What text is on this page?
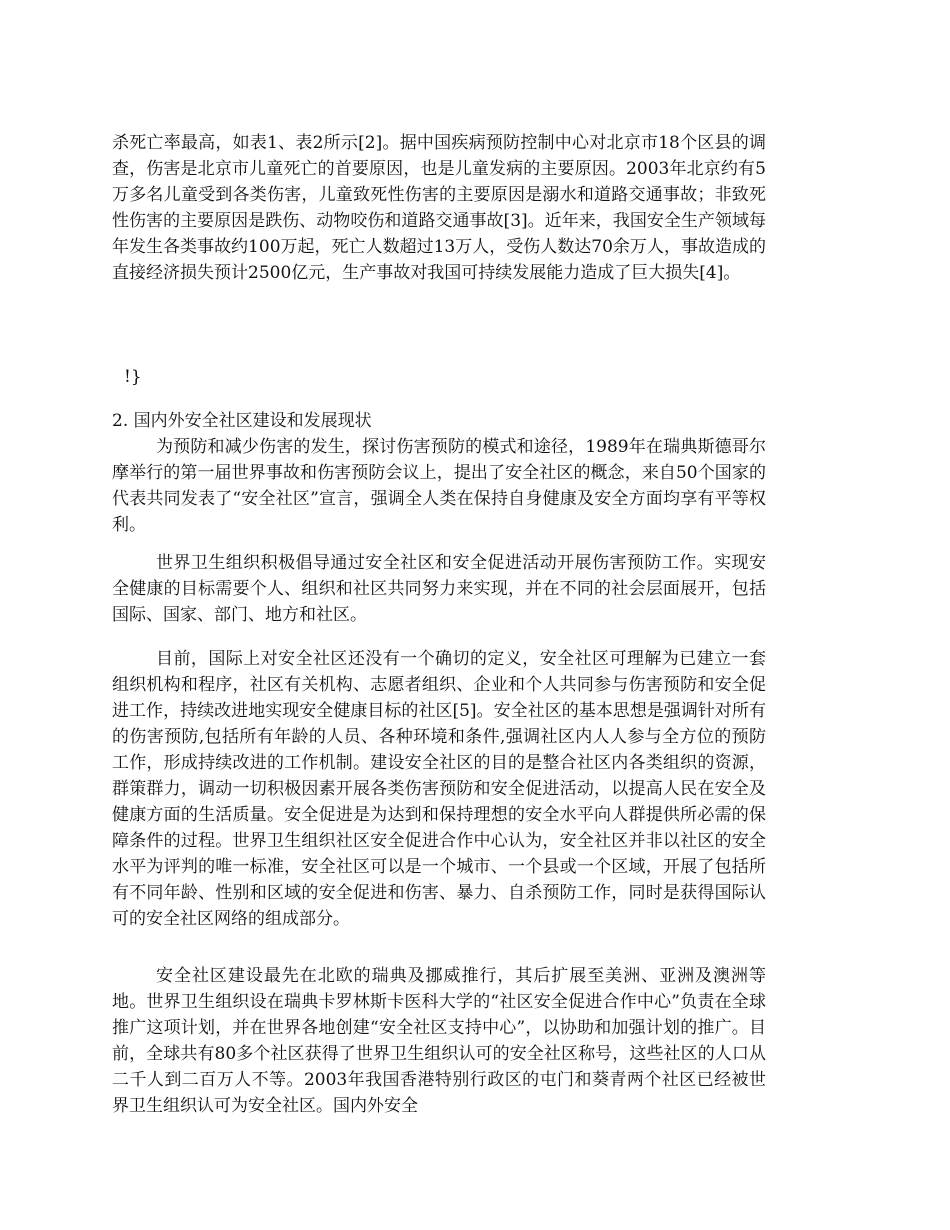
杀死亡率最高，如表1、表2所示[2]。据中国疾病预防控制中心对北京市18个区县的调查，伤害是北京市儿童死亡的首要原因，也是儿童发病的主要原因。2003年北京约有5万多名儿童受到各类伤害，儿童致死性伤害的主要原因是溺水和道路交通事故；非致死性伤害的主要原因是跌伤、动物咬伤和道路交通事故[3]。近年来，我国安全生产领域每年发生各类事故约100万起，死亡人数超过13万人，受伤人数达70余万人，事故造成的直接经济损失预计2500亿元，生产事故对我国可持续发展能力造成了巨大损失[4]。

!}

2. 国内外安全社区建设和发展现状

为预防和减少伤害的发生，探讨伤害预防的模式和途径，1989年在瑞典斯德哥尔摩举行的第一届世界事故和伤害预防会议上，提出了安全社区的概念，来自50个国家的代表共同发表了“安全社区”宣言，强调全人类在保持自身健康及安全方面均享有平等权利。

世界卫生组织积极倡导通过安全社区和安全促进活动开展伤害预防工作。实现安全健康的目标需要个人、组织和社区共同努力来实现，并在不同的社会层面展开，包括国际、国家、部门、地方和社区。

目前，国际上对安全社区还没有一个确切的定义，安全社区可理解为已建立一套组织机构和程序，社区有关机构、志愿者组织、企业和个人共同参与伤害预防和安全促进工作，持续改进地实现安全健康目标的社区[5]。安全社区的基本思想是强调针对所有的伤害预防,包括所有年龄的人员、各种环境和条件,强调社区内人人参与全方位的预防工作，形成持续改进的工作机制。建设安全社区的目的是整合社区内各类组织的资源，群策群力，调动一切积极因素开展各类伤害预防和安全促进活动，以提高人民在安全及健康方面的生活质量。安全促进是为达到和保持理想的安全水平向人群提供所必需的保障条件的过程。世界卫生组织社区安全促进合作中心认为，安全社区并非以社区的安全水平为评判的唯一标准，安全社区可以是一个城市、一个县或一个区域，开展了包括所有不同年龄、性别和区域的安全促进和伤害、暴力、自杀预防工作，同时是获得国际认可的安全社区网络的组成部分。

安全社区建设最先在北欧的瑞典及挪威推行，其后扩展至美洲、亚洲及澳洲等地。世界卫生组织设在瑞典卡罗林斯卡医科大学的“社区安全促进合作中心”负责在全球推广这项计划，并在世界各地创建“安全社区支持中心”，以协助和加强计划的推广。目前，全球共有80多个社区获得了世界卫生组织认可的安全社区称号，这些社区的人口从二千人到二百万人不等。2003年我国香港特别行政区的屯门和葵青两个社区已经被世界卫生组织认可为安全社区。国内外安全
